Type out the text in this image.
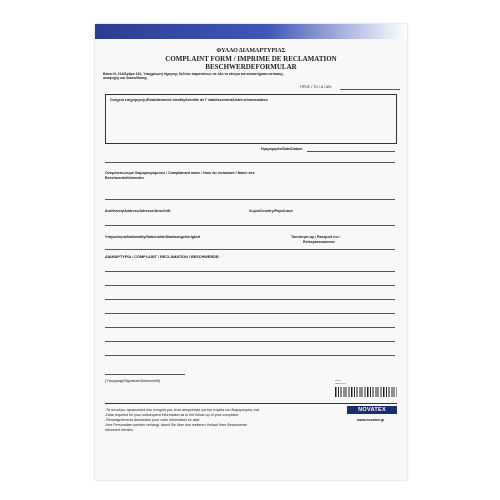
ΦΥΛΛΟ ΔΙΑΜΑΡΤΥΡΙΑΣ
COMPLAINT FORM / IMPRIME DE RECLAMATION
BESCHWERDEFORMULAR
Βάσει Ν. 214/Άρθρο 161, Υποχρέωση τήρησης δελτίου παραπόνων σε όλα τα κέντρα και καταστήματα εστίασης,
αναψυχής και διασκέδασης
ΠΡΟΣ / TO / A / AN:
Στοιχεία επιχείρησης/Establishment identity/Identite de l' etablissement/Unternehmensdaten
Ημερομηνία/Date/Datum
Ονοματεπώνυμο διαμαρτυρόμενου / Complainant name / Nom du reclamant / Name des
Beschwerdeführenden
Διεύθυνση/Address/Adresse/Anschrift	Χώρα/Country/Pays/Land
Υπηκοότητα/Nationality/Nationalite/Staatsangehörigkeit	Ταυτότητα αρ./ Passport no./
Reisepassnummer
ΔΙΑΜΑΡΤΥΡΙΑ / COMPLAINT / RECLAMATION / BESCHWERDE:
(Υπογραφή/Signature/Unterschrift)	▪▪▪ ▪▪▪
▪▪▪▪▪▪▪ ▪▪▪▪▪
-Τα ανωτέρω προσωπικά σας στοιχεία μας είναι απαραίτητα για την πορεία του διαμαρτυρίας σας
-Data required for your subsequent information as to the follow-up of your complaint
-Renseignements demandes pour votre information ex.aide
-Ihre Personalien werden verlangt, damit Sie über den weiteren Verlauf Ihrer Beschwerde
informiert werden.
NOVATEX
www.novatex.gr
